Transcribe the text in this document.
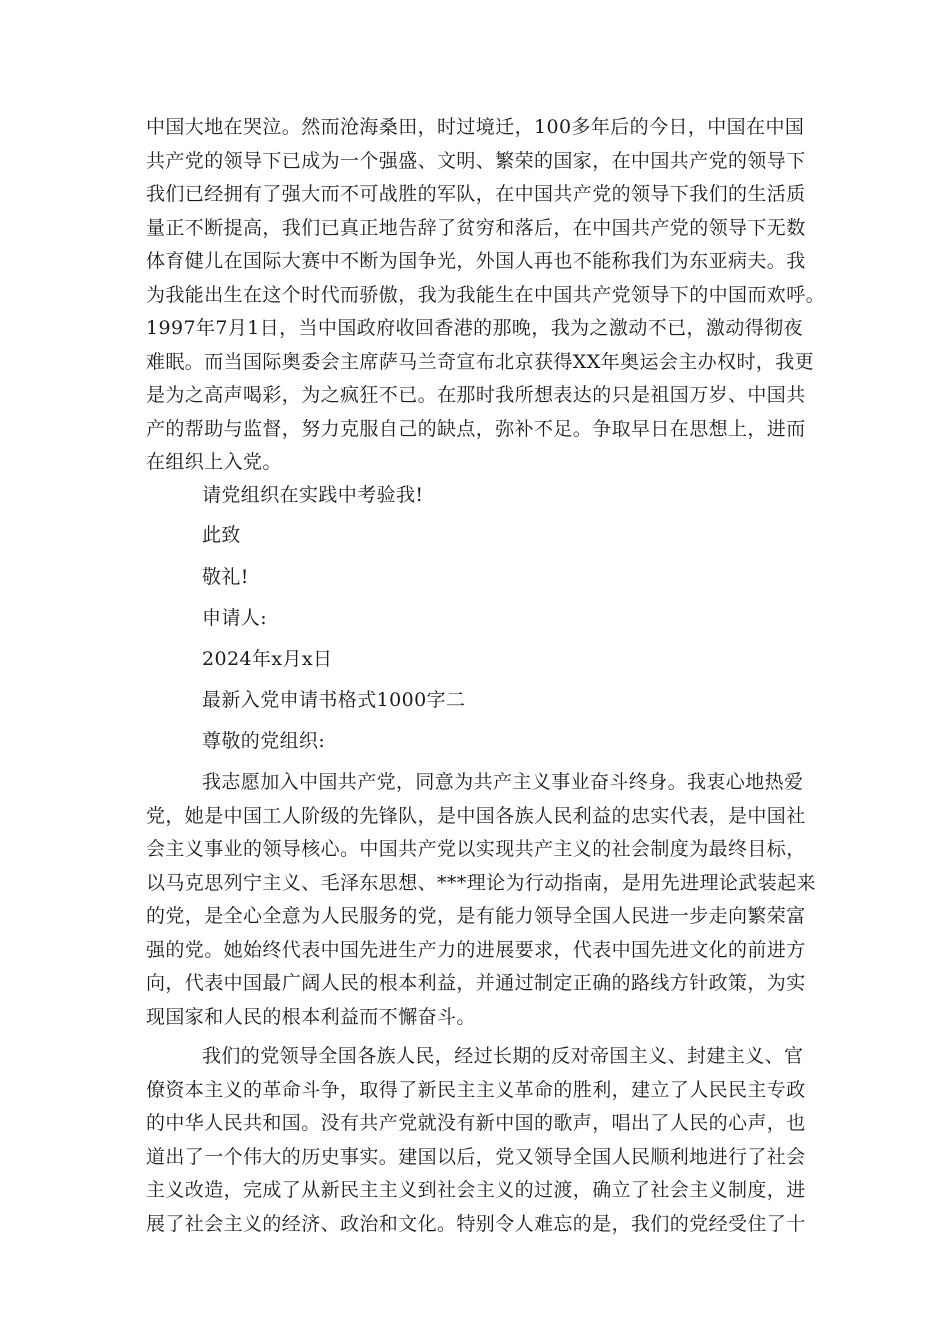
中国大地在哭泣。然而沧海桑田，时过境迁，100多年后的今日，中国在中国
共产党的领导下已成为一个强盛、文明、繁荣的国家，在中国共产党的领导下
我们已经拥有了强大而不可战胜的军队，在中国共产党的领导下我们的生活质
量正不断提高，我们已真正地告辞了贫穷和落后，在中国共产党的领导下无数
体育健儿在国际大赛中不断为国争光，外国人再也不能称我们为东亚病夫。我
为我能出生在这个时代而骄傲，我为我能生在中国共产党领导下的中国而欢呼。
1997年7月1日，当中国政府收回香港的那晚，我为之激动不已，激动得彻夜
难眠。而当国际奥委会主席萨马兰奇宣布北京获得XX年奥运会主办权时，我更
是为之高声喝彩，为之疯狂不已。在那时我所想表达的只是祖国万岁、中国共
产的帮助与监督，努力克服自己的缺点，弥补不足。争取早日在思想上，进而
在组织上入党。
请党组织在实践中考验我!
此致
敬礼!
申请人:
2024年x月x日
最新入党申请书格式1000字二
尊敬的党组织:
我志愿加入中国共产党，同意为共产主义事业奋斗终身。我衷心地热爱
党，她是中国工人阶级的先锋队，是中国各族人民利益的忠实代表，是中国社
会主义事业的领导核心。中国共产党以实现共产主义的社会制度为最终目标，
以马克思列宁主义、毛泽东思想、***理论为行动指南，是用先进理论武装起来
的党，是全心全意为人民服务的党，是有能力领导全国人民进一步走向繁荣富
强的党。她始终代表中国先进生产力的进展要求，代表中国先进文化的前进方
向，代表中国最广阔人民的根本利益，并通过制定正确的路线方针政策，为实
现国家和人民的根本利益而不懈奋斗。
我们的党领导全国各族人民，经过长期的反对帝国主义、封建主义、官
僚资本主义的革命斗争，取得了新民主主义革命的胜利，建立了人民民主专政
的中华人民共和国。没有共产党就没有新中国的歌声，唱出了人民的心声，也
道出了一个伟大的历史事实。建国以后，党又领导全国人民顺利地进行了社会
主义改造，完成了从新民主主义到社会主义的过渡，确立了社会主义制度，进
展了社会主义的经济、政治和文化。特别令人难忘的是，我们的党经受住了十
